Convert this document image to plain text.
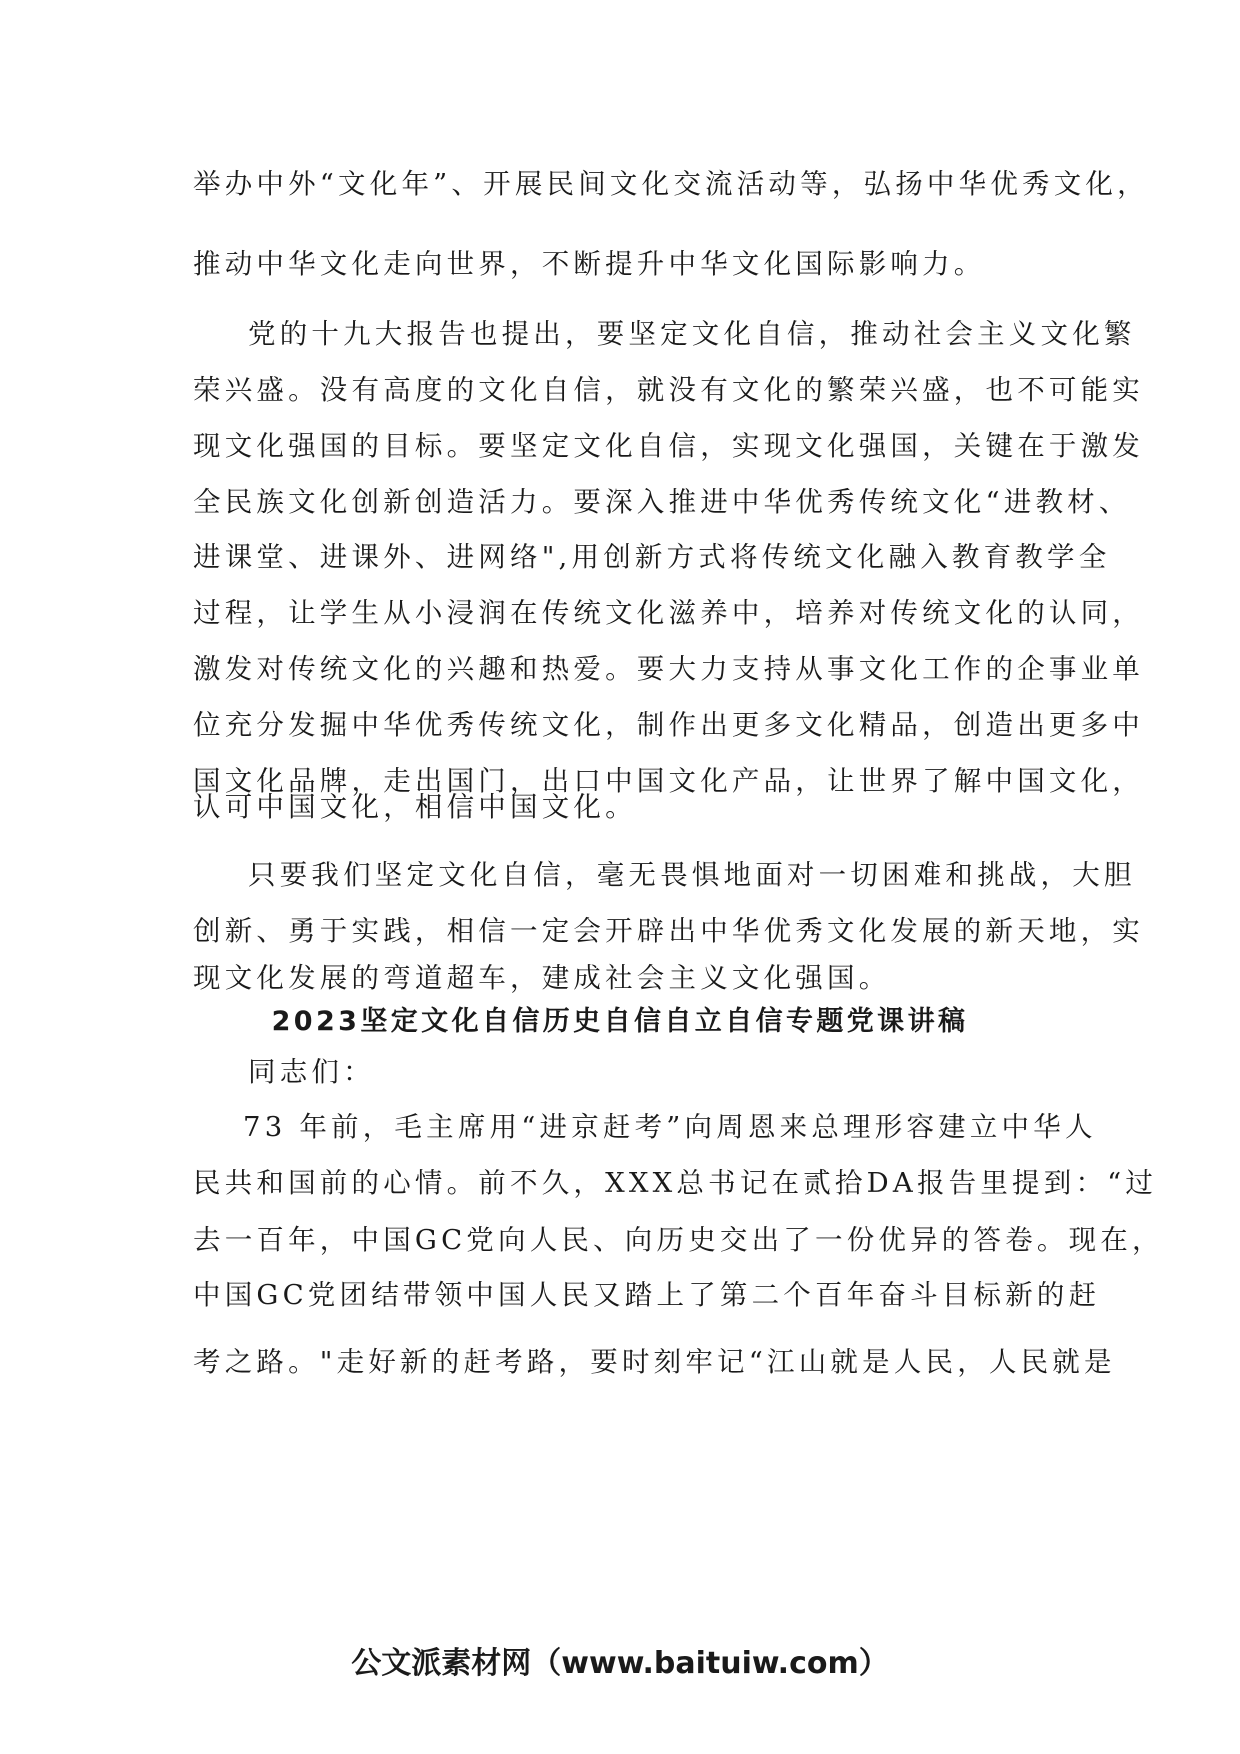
举办中外“文化年”、开展民间文化交流活动等，弘扬中华优秀文化，
推动中华文化走向世界，不断提升中华文化国际影响力。
党的十九大报告也提出，要坚定文化自信，推动社会主义文化繁
荣兴盛。没有高度的文化自信，就没有文化的繁荣兴盛，也不可能实
现文化强国的目标。要坚定文化自信，实现文化强国，关键在于激发
全民族文化创新创造活力。要深入推进中华优秀传统文化“进教材、
进课堂、进课外、进网络",用创新方式将传统文化融入教育教学全
过程，让学生从小浸润在传统文化滋养中，培养对传统文化的认同，
激发对传统文化的兴趣和热爱。要大力支持从事文化工作的企事业单
位充分发掘中华优秀传统文化，制作出更多文化精品，创造出更多中
国文化品牌，走出国门，出口中国文化产品，让世界了解中国文化，
认可中国文化，相信中国文化。
只要我们坚定文化自信，毫无畏惧地面对一切困难和挑战，大胆
创新、勇于实践，相信一定会开辟出中华优秀文化发展的新天地，实
现文化发展的弯道超车，建成社会主义文化强国。
2023坚定文化自信历史自信自立自信专题党课讲稿
同志们：
73 年前，毛主席用“进京赶考”向周恩来总理形容建立中华人
民共和国前的心情。前不久，XXX总书记在贰拾DA报告里提到：“过
去一百年，中国GC党向人民、向历史交出了一份优异的答卷。现在，
中国GC党团结带领中国人民又踏上了第二个百年奋斗目标新的赶
考之路。"走好新的赶考路，要时刻牢记“江山就是人民，人民就是
公文派素材网（www.baituiw.com）
